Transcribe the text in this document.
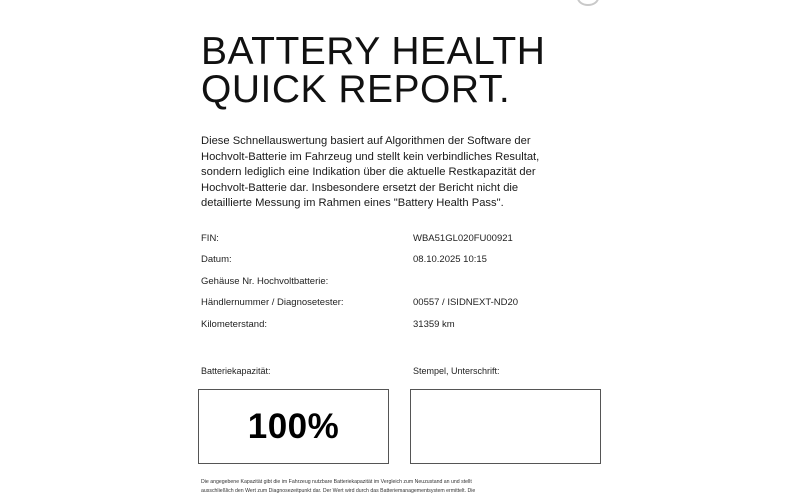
BATTERY HEALTH
QUICK REPORT.
Diese Schnellauswertung basiert auf Algorithmen der Software der
Hochvolt-Batterie im Fahrzeug und stellt kein verbindliches Resultat,
sondern lediglich eine Indikation über die aktuelle Restkapazität der
Hochvolt-Batterie dar. Insbesondere ersetzt der Bericht nicht die
detaillierte Messung im Rahmen eines "Battery Health Pass".
FIN:	WBA51GL020FU00921
Datum:	08.10.2025 10:15
Gehäuse Nr. Hochvoltbatterie:
Händlernummer / Diagnosetester:	00557 / ISIDNEXT-ND20
Kilometerstand:	31359 km
Batteriekapazität:	Stempel, Unterschrift:
100%
Die angegebene Kapazität gibt die im Fahrzeug nutzbare Batteriekapazität im Vergleich zum Neuzustand an und stellt
ausschließlich den Wert zum Diagnosezeitpunkt dar. Der Wert wird durch das Batteriemanagementsystem ermittelt. Die
